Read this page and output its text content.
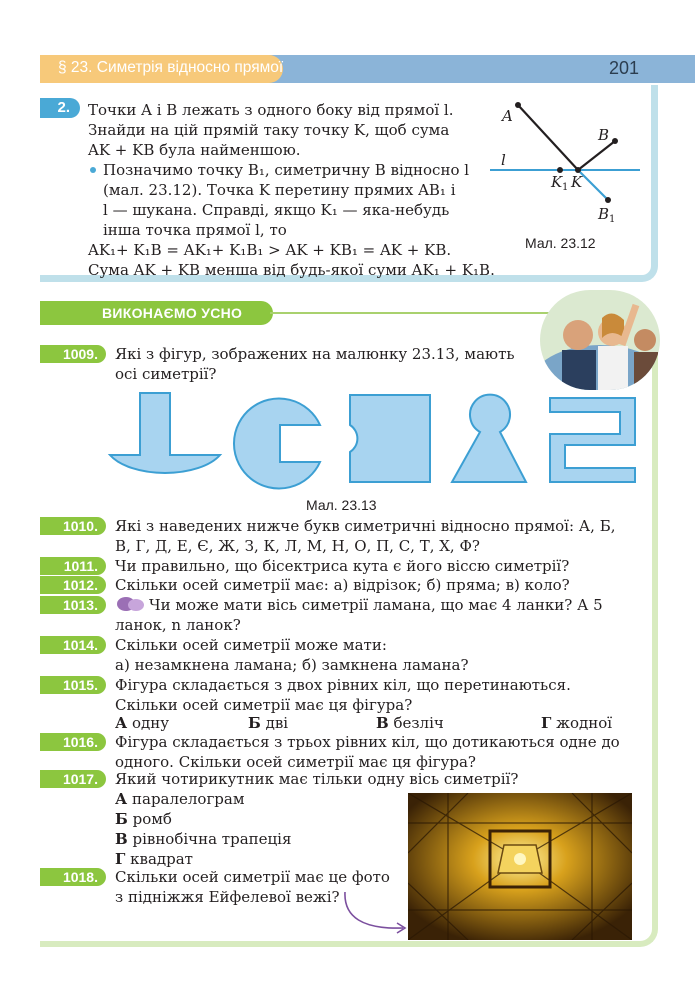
§ 23. Симетрія відносно прямої	201
2.	Точки A і B лежать з одного боку від прямої l.
Знайди на цій прямій таку точку K, щоб сума
AK + KB була найменшою.
Позначимо точку B₁, симетричну B відносно l
(мал. 23.12). Точка K перетину прямих AB₁ і
l — шукана. Справді, якщо K₁ — яка-небудь
інша точка прямої l, то
AK₁+ K₁B = AK₁+ K₁B₁ > AK + KB₁ = AK + KB.
Сума AK + KB менша від будь-якої суми AK₁ + K₁B.
A
B
l
K 1 K
B 1
Мал. 23.12
ВИКОНАЄМО УСНО
1009.	Які з фігур, зображених на малюнку 23.13, мають
осі симетрії?
Мал. 23.13
1010.	Які з наведених нижче букв симетричні відносно прямої: А, Б,
В, Г, Д, Е, Є, Ж, З, К, Л, М, Н, О, П, С, Т, Х, Ф?
1011.	Чи правильно, що бісектриса кута є його віссю симетрії?
1012.	Скільки осей симетрії має: а) відрізок; б) пряма; в) коло?
1013.	Чи може мати вісь симетрії ламана, що має 4 ланки? А 5
ланок, n ланок?
1014.	Скільки осей симетрії може мати:
а) незамкнена ламана; б) замкнена ламана?
1015.	Фігура складається з двох рівних кіл, що перетинаються.
Скільки осей симетрії має ця фігура?
А одну	Б дві	В безліч	Г жодної
1016.	Фігура складається з трьох рівних кіл, що дотикаються одне до
одного. Скільки осей симетрії має ця фігура?
1017.	Який чотирикутник має тільки одну вісь симетрії?
А паралелограм
Б ромб
В рівнобічна трапеція
Г квадрат
1018.	Скільки осей симетрії має це фото
з підніжжя Ейфелевої вежі?
